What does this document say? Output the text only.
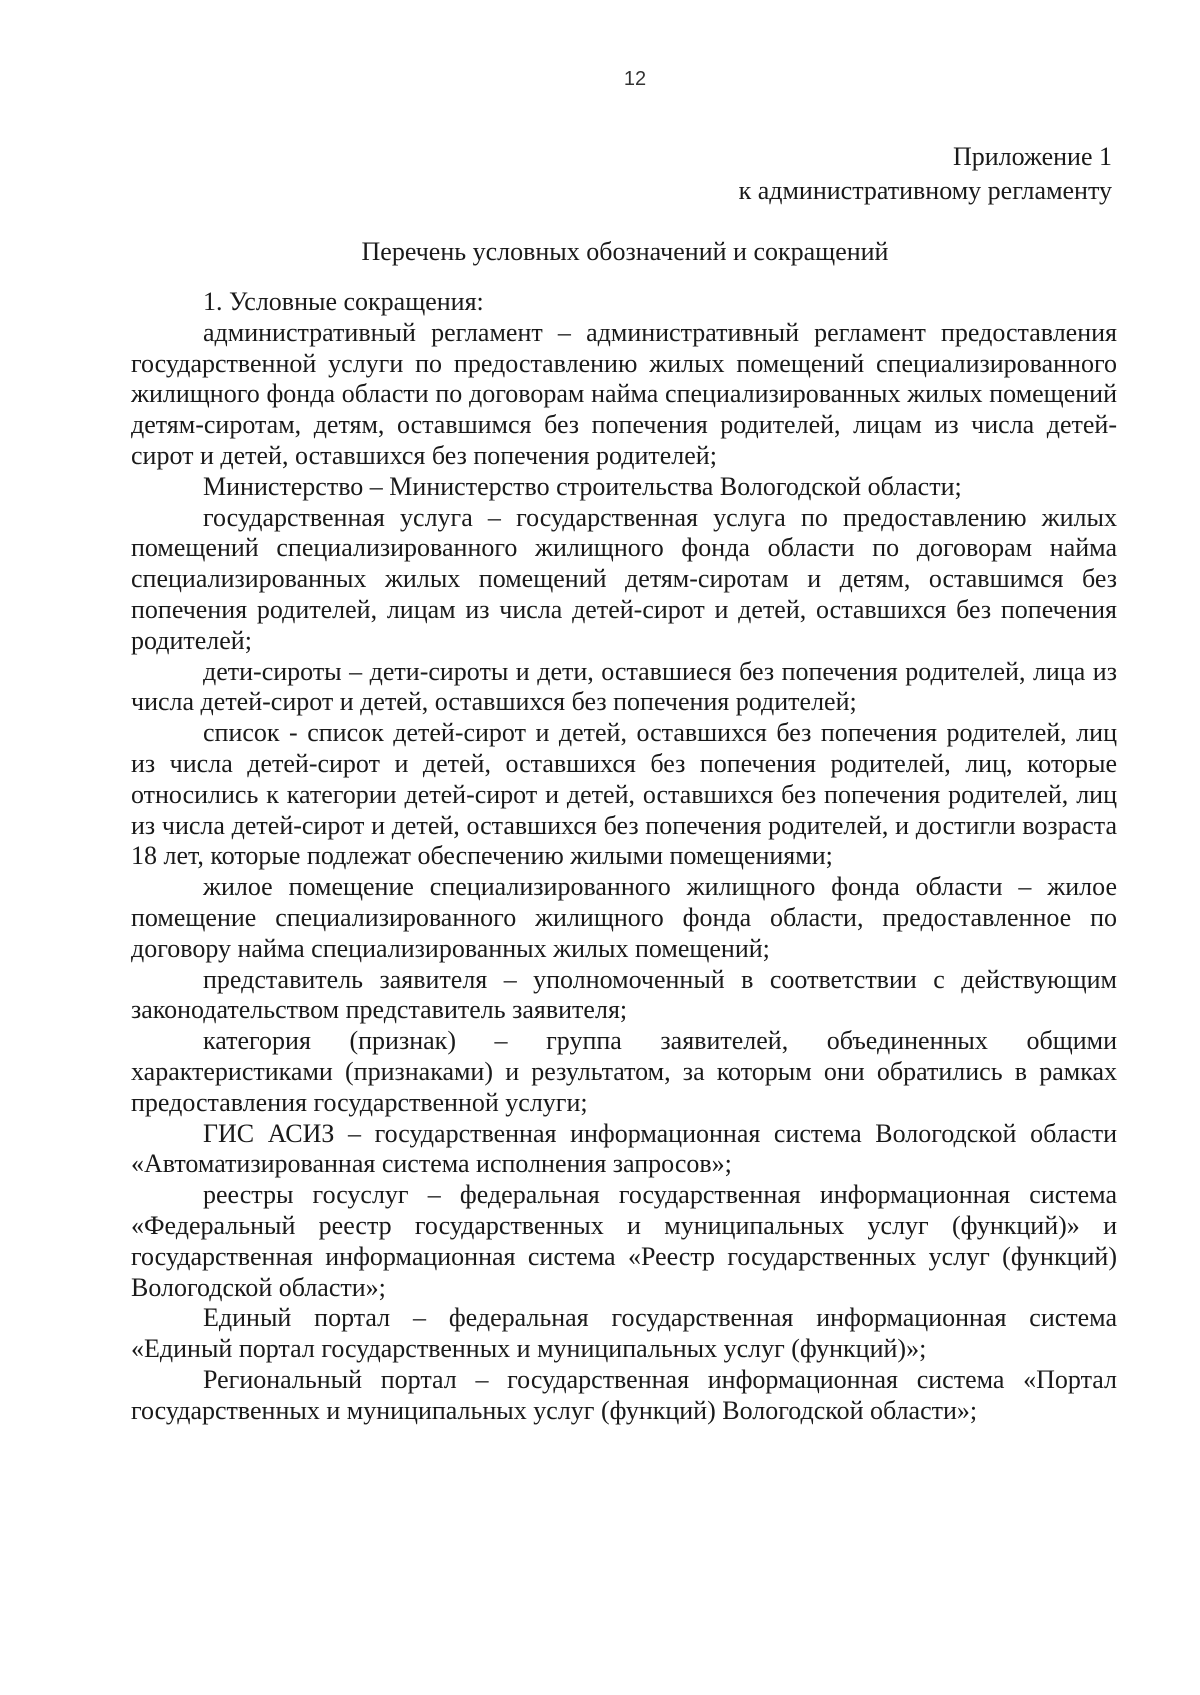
12
Приложение 1
к административному регламенту
Перечень условных обозначений и сокращений

1. Условные сокращения:

административный регламент – административный регламент предоставления государственной услуги по предоставлению жилых помещений специализированного жилищного фонда области по договорам найма специализированных жилых помещений детям-сиротам, детям, оставшимся без попечения родителей, лицам из числа детей-сирот и детей, оставшихся без попечения родителей;

Министерство – Министерство строительства Вологодской области;

государственная услуга – государственная услуга по предоставлению жилых помещений специализированного жилищного фонда области по договорам найма специализированных жилых помещений детям-сиротам и детям, оставшимся без попечения родителей, лицам из числа детей-сирот и детей, оставшихся без попечения родителей;

дети-сироты – дети-сироты и дети, оставшиеся без попечения родителей, лица из числа детей-сирот и детей, оставшихся без попечения родителей;

список - список детей-сирот и детей, оставшихся без попечения родителей, лиц из числа детей-сирот и детей, оставшихся без попечения родителей, лиц, которые относились к категории детей-сирот и детей, оставшихся без попечения родителей, лиц из числа детей-сирот и детей, оставшихся без попечения родителей, и достигли возраста 18 лет, которые подлежат обеспечению жилыми помещениями;

жилое помещение специализированного жилищного фонда области – жилое помещение специализированного жилищного фонда области, предоставленное по договору найма специализированных жилых помещений;

представитель заявителя – уполномоченный в соответствии с действующим законодательством представитель заявителя;

категория (признак) – группа заявителей, объединенных общими характеристиками (признаками) и результатом, за которым они обратились в рамках предоставления государственной услуги;

ГИС АСИЗ – государственная информационная система Вологодской области «Автоматизированная система исполнения запросов»;

реестры госуслуг – федеральная государственная информационная система «Федеральный реестр государственных и муниципальных услуг (функций)» и государственная информационная система «Реестр государственных услуг (функций) Вологодской области»;

Единый портал – федеральная государственная информационная система «Единый портал государственных и муниципальных услуг (функций)»;

Региональный портал – государственная информационная система «Портал государственных и муниципальных услуг (функций) Вологодской области»;
